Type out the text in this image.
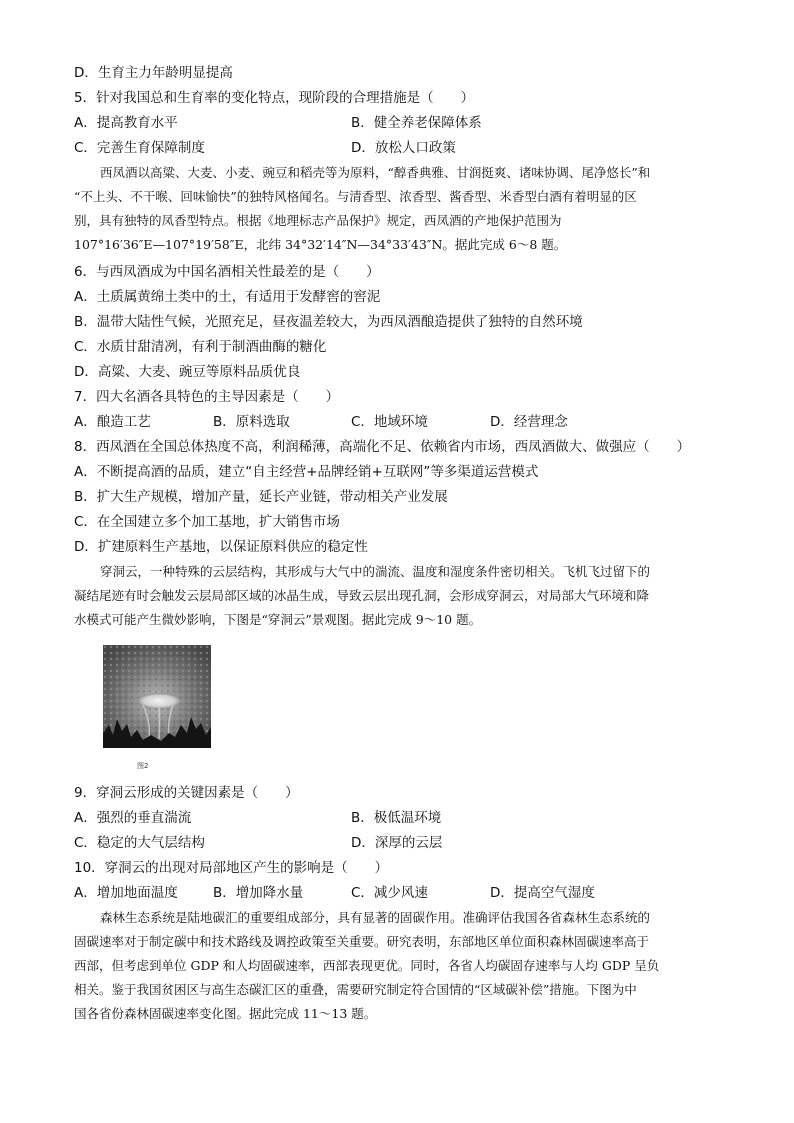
D．生育主力年龄明显提高
5．针对我国总和生育率的变化特点，现阶段的合理措施是（　　）
A．提高教育水平	B．健全养老保障体系
C．完善生育保障制度	D．放松人口政策

西凤酒以高粱、大麦、小麦、豌豆和稻壳等为原料，“醇香典雅、甘润挺爽、诸味协调、尾净悠长”和

“不上头、不干喉、回味愉快”的独特风格闻名。与清香型、浓香型、酱香型、米香型白酒有着明显的区
别，具有独特的凤香型特点。根据《地理标志产品保护》规定，西凤酒的产地保护范围为
107°16′36″E—107°19′58″E，北纬 34°32′14″N—34°33′43″N。据此完成 6～8 题。
6．与西凤酒成为中国名酒相关性最差的是（　　）
A．土质属黄绵土类中的土，有适用于发酵窖的窖泥
B．温带大陆性气候，光照充足，昼夜温差较大，为西凤酒酿造提供了独特的自然环境
C．水质甘甜清冽，有利于制酒曲酶的糖化
D．高粱、大麦、豌豆等原料品质优良
7．四大名酒各具特色的主导因素是（　　）
A．酿造工艺	B．原料选取	C．地域环境	D．经营理念
8．西凤酒在全国总体热度不高，利润稀薄，高端化不足、依赖省内市场，西凤酒做大、做强应（　　）
A．不断提高酒的品质，建立“自主经营+品牌经销+互联网”等多渠道运营模式
B．扩大生产规模，增加产量，延长产业链，带动相关产业发展
C．在全国建立多个加工基地，扩大销售市场
D．扩建原料生产基地，以保证原料供应的稳定性

穿洞云，一种特殊的云层结构，其形成与大气中的湍流、温度和湿度条件密切相关。飞机飞过留下的

凝结尾迹有时会触发云层局部区域的冰晶生成，导致云层出现孔洞，会形成穿洞云，对局部大气环境和降
水模式可能产生微妙影响，下图是“穿洞云”景观图。据此完成 9～10 题。
图2
9．穿洞云形成的关键因素是（　　）
A．强烈的垂直湍流	B．极低温环境
C．稳定的大气层结构	D．深厚的云层
10．穿洞云的出现对局部地区产生的影响是（　　）
A．增加地面温度	B．增加降水量	C．减少风速	D．提高空气湿度

森林生态系统是陆地碳汇的重要组成部分，具有显著的固碳作用。准确评估我国各省森林生态系统的

固碳速率对于制定碳中和技术路线及调控政策至关重要。研究表明，东部地区单位面积森林固碳速率高于
西部，但考虑到单位 GDP 和人均固碳速率，西部表现更优。同时，各省人均碳固存速率与人均 GDP 呈负
相关。鉴于我国贫困区与高生态碳汇区的重叠，需要研究制定符合国情的“区域碳补偿”措施。下图为中
国各省份森林固碳速率变化图。据此完成 11～13 题。
